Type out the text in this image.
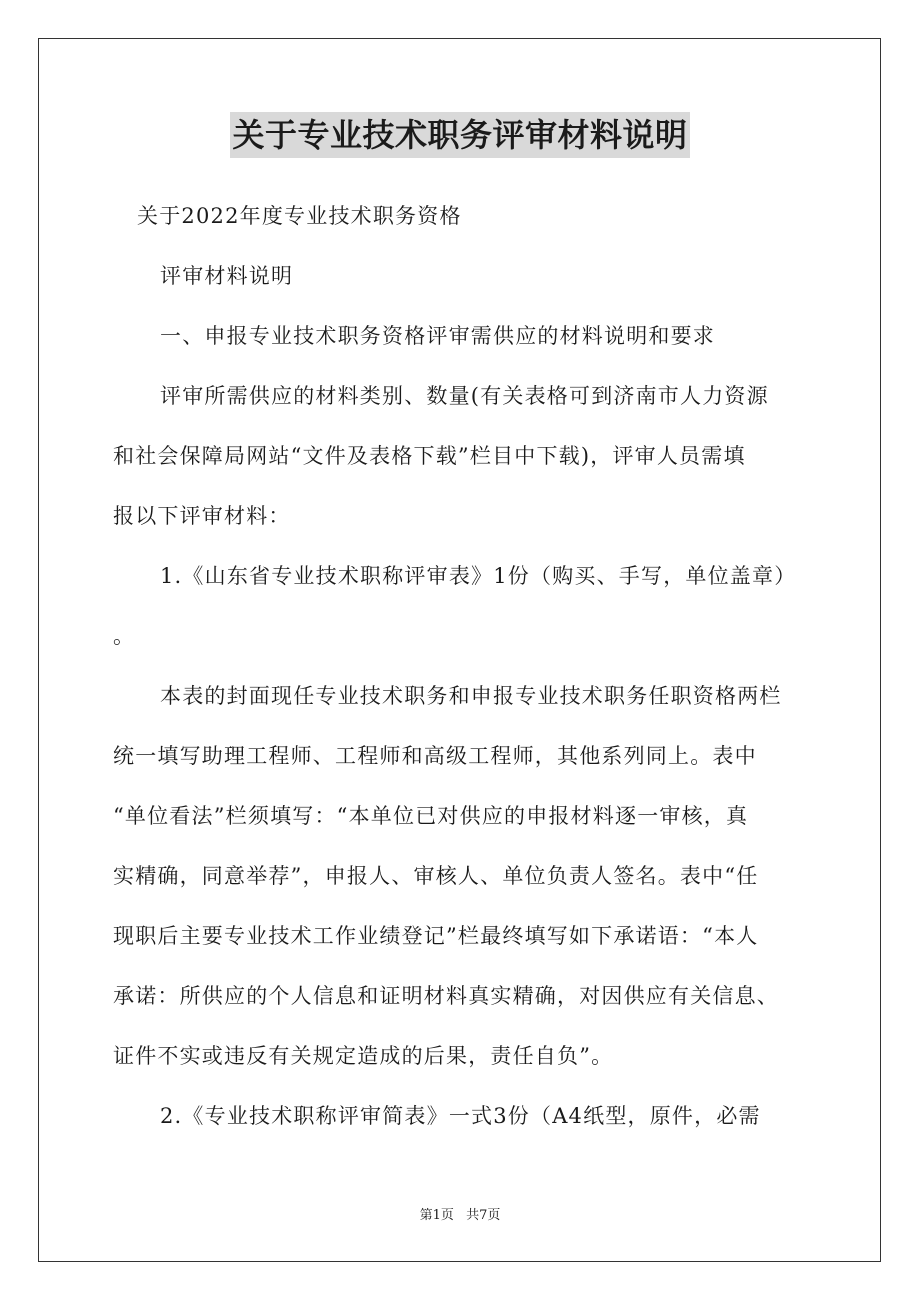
关于专业技术职务评审材料说明
关于2022年度专业技术职务资格
评审材料说明
一、申报专业技术职务资格评审需供应的材料说明和要求
评审所需供应的材料类别、数量(有关表格可到济南市人力资源
和社会保障局网站“文件及表格下载”栏目中下载)，评审人员需填
报以下评审材料：
1.《山东省专业技术职称评审表》1份（购买、手写，单位盖章）
。
本表的封面现任专业技术职务和申报专业技术职务任职资格两栏
统一填写助理工程师、工程师和高级工程师，其他系列同上。表中
“单位看法”栏须填写：“本单位已对供应的申报材料逐一审核，真
实精确，同意举荐”，申报人、审核人、单位负责人签名。表中“任
现职后主要专业技术工作业绩登记”栏最终填写如下承诺语：“本人
承诺：所供应的个人信息和证明材料真实精确，对因供应有关信息、
证件不实或违反有关规定造成的后果，责任自负”。
2.《专业技术职称评审简表》一式3份（A4纸型，原件，必需
第1页 共7页
